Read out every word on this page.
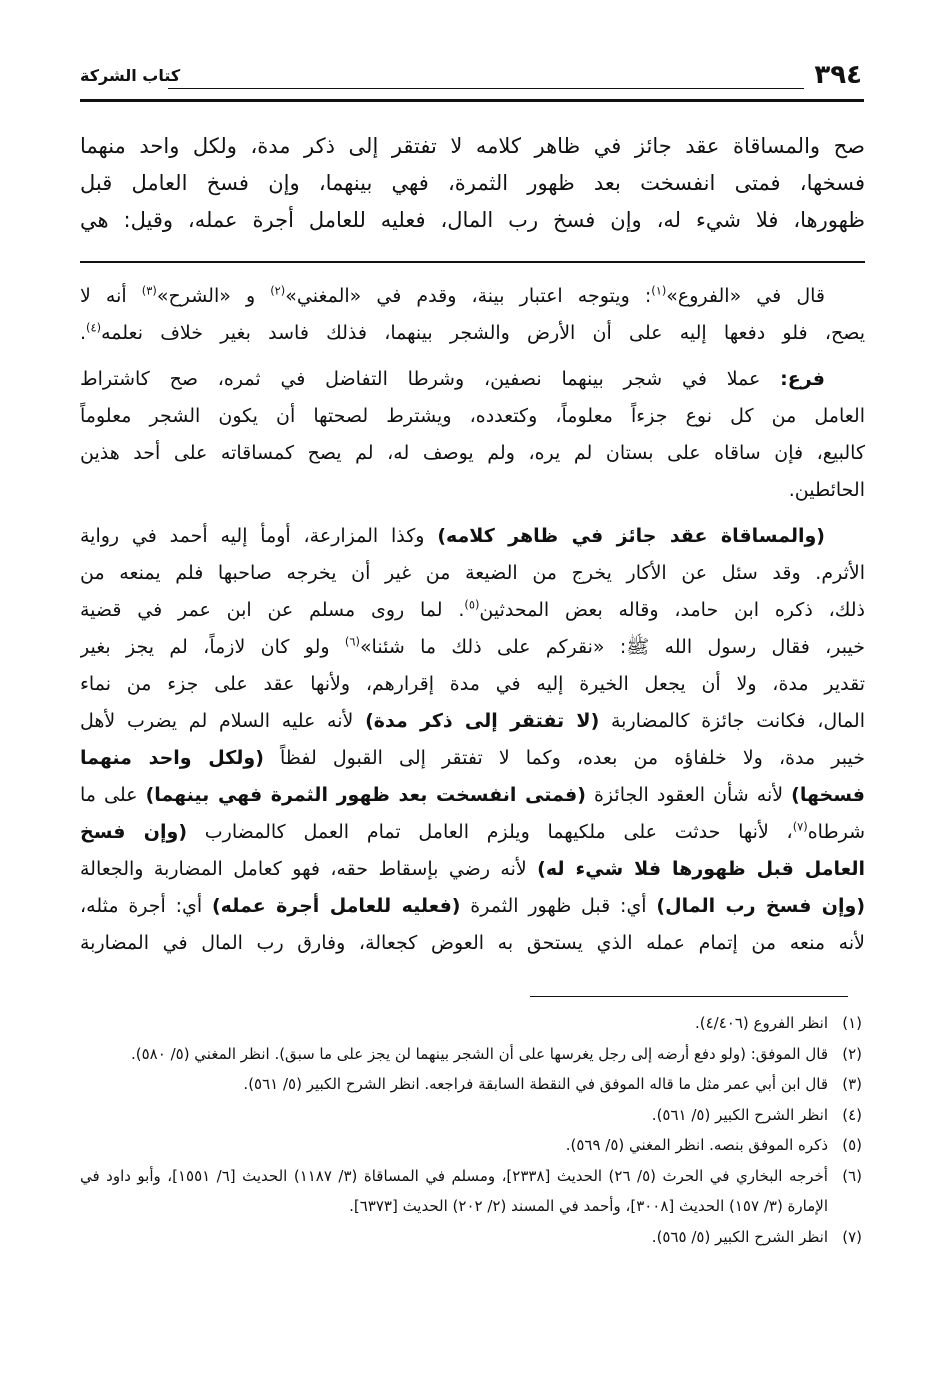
٣٩٤
كتاب الشركة
صح والمساقاة عقد جائز في ظاهر كلامه لا تفتقر إلى ذكر مدة، ولكل واحد منهما
فسخها، فمتى انفسخت بعد ظهور الثمرة، فهي بينهما، وإن فسخ العامل قبل
ظهورها، فلا شيء له، وإن فسخ رب المال، فعليه للعامل أجرة عمله، وقيل: هي
قال في «الفروع»$^{(١)}$: ويتوجه اعتبار بينة، وقدم في «المغني»$^{(٢)}$ و «الشرح»$^{(٣)}$ أنه لا
يصح، فلو دفعها إليه على أن الأرض والشجر بينهما، فذلك فاسد بغير خلاف نعلمه$^{(٤)}$.
فرع: عملا في شجر بينهما نصفين، وشرطا التفاضل في ثمره، صح كاشتراط
العامل من كل نوع جزءاً معلوماً، وكتعدده، ويشترط لصحتها أن يكون الشجر معلوماً
كالبيع، فإن ساقاه على بستان لم يره، ولم يوصف له، لم يصح كمساقاته على أحد هذين
الحائطين.
(والمساقاة عقد جائز في ظاهر كلامه) وكذا المزارعة، أومأ إليه أحمد في رواية
الأثرم. وقد سئل عن الأكار يخرج من الضيعة من غير أن يخرجه صاحبها فلم يمنعه من
ذلك، ذكره ابن حامد، وقاله بعض المحدثين$^{(٥)}$. لما روى مسلم عن ابن عمر في قضية
خيبر، فقال رسول الله ﷺ: «نقركم على ذلك ما شئنا»$^{(٦)}$ ولو كان لازماً، لم يجز بغير
تقدير مدة، ولا أن يجعل الخيرة إليه في مدة إقرارهم، ولأنها عقد على جزء من نماء
المال، فكانت جائزة كالمضاربة (لا تفتقر إلى ذكر مدة) لأنه عليه السلام لم يضرب لأهل
خيبر مدة، ولا خلفاؤه من بعده، وكما لا تفتقر إلى القبول لفظاً (ولكل واحد منهما
فسخها) لأنه شأن العقود الجائزة (فمتى انفسخت بعد ظهور الثمرة فهي بينهما) على ما
شرطاه$^{(٧)}$، لأنها حدثت على ملكيهما ويلزم العامل تمام العمل كالمضارب (وإن فسخ
العامل قبل ظهورها فلا شيء له) لأنه رضي بإسقاط حقه، فهو كعامل المضاربة والجعالة
(وإن فسخ رب المال) أي: قبل ظهور الثمرة (فعليه للعامل أجرة عمله) أي: أجرة مثله،
لأنه منعه من إتمام عمله الذي يستحق به العوض كجعالة، وفارق رب المال في المضاربة
(١)
انظر الفروع (٤/٤٠٦).
(٢)
قال الموفق: (ولو دفع أرضه إلى رجل يغرسها على أن الشجر بينهما لن يجز على ما سبق). انظر المغني (٥/ ٥٨٠).
(٣)
قال ابن أبي عمر مثل ما قاله الموفق في النقطة السابقة فراجعه. انظر الشرح الكبير (٥/ ٥٦١).
(٤)
انظر الشرح الكبير (٥/ ٥٦١).
(٥)
ذكره الموفق بنصه. انظر المغني (٥/ ٥٦٩).
(٦)
أخرجه البخاري في الحرث (٥/ ٢٦) الحديث [٢٣٣٨]، ومسلم في المساقاة (٣/ ١١٨٧) الحديث [٦/ ١٥٥١]، وأبو داود في الإمارة (٣/ ١٥٧) الحديث [٣٠٠٨]، وأحمد في المسند (٢/ ٢٠٢) الحديث [٦٣٧٣].
(٧)
انظر الشرح الكبير (٥/ ٥٦٥).
